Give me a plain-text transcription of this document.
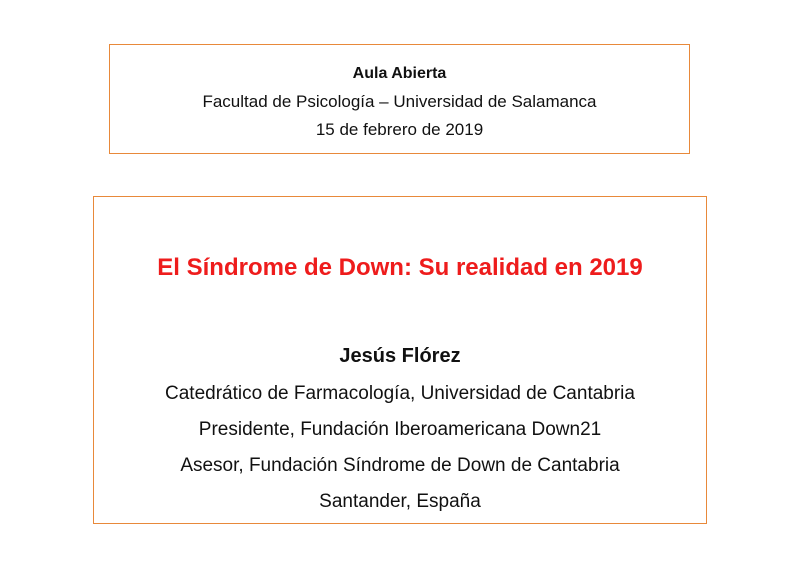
Aula Abierta
Facultad de Psicología – Universidad de Salamanca
15 de febrero de 2019
El Síndrome de Down: Su realidad en 2019
Jesús Flórez
Catedrático de Farmacología, Universidad de Cantabria
Presidente, Fundación Iberoamericana Down21
Asesor, Fundación Síndrome de Down de Cantabria
Santander, España
